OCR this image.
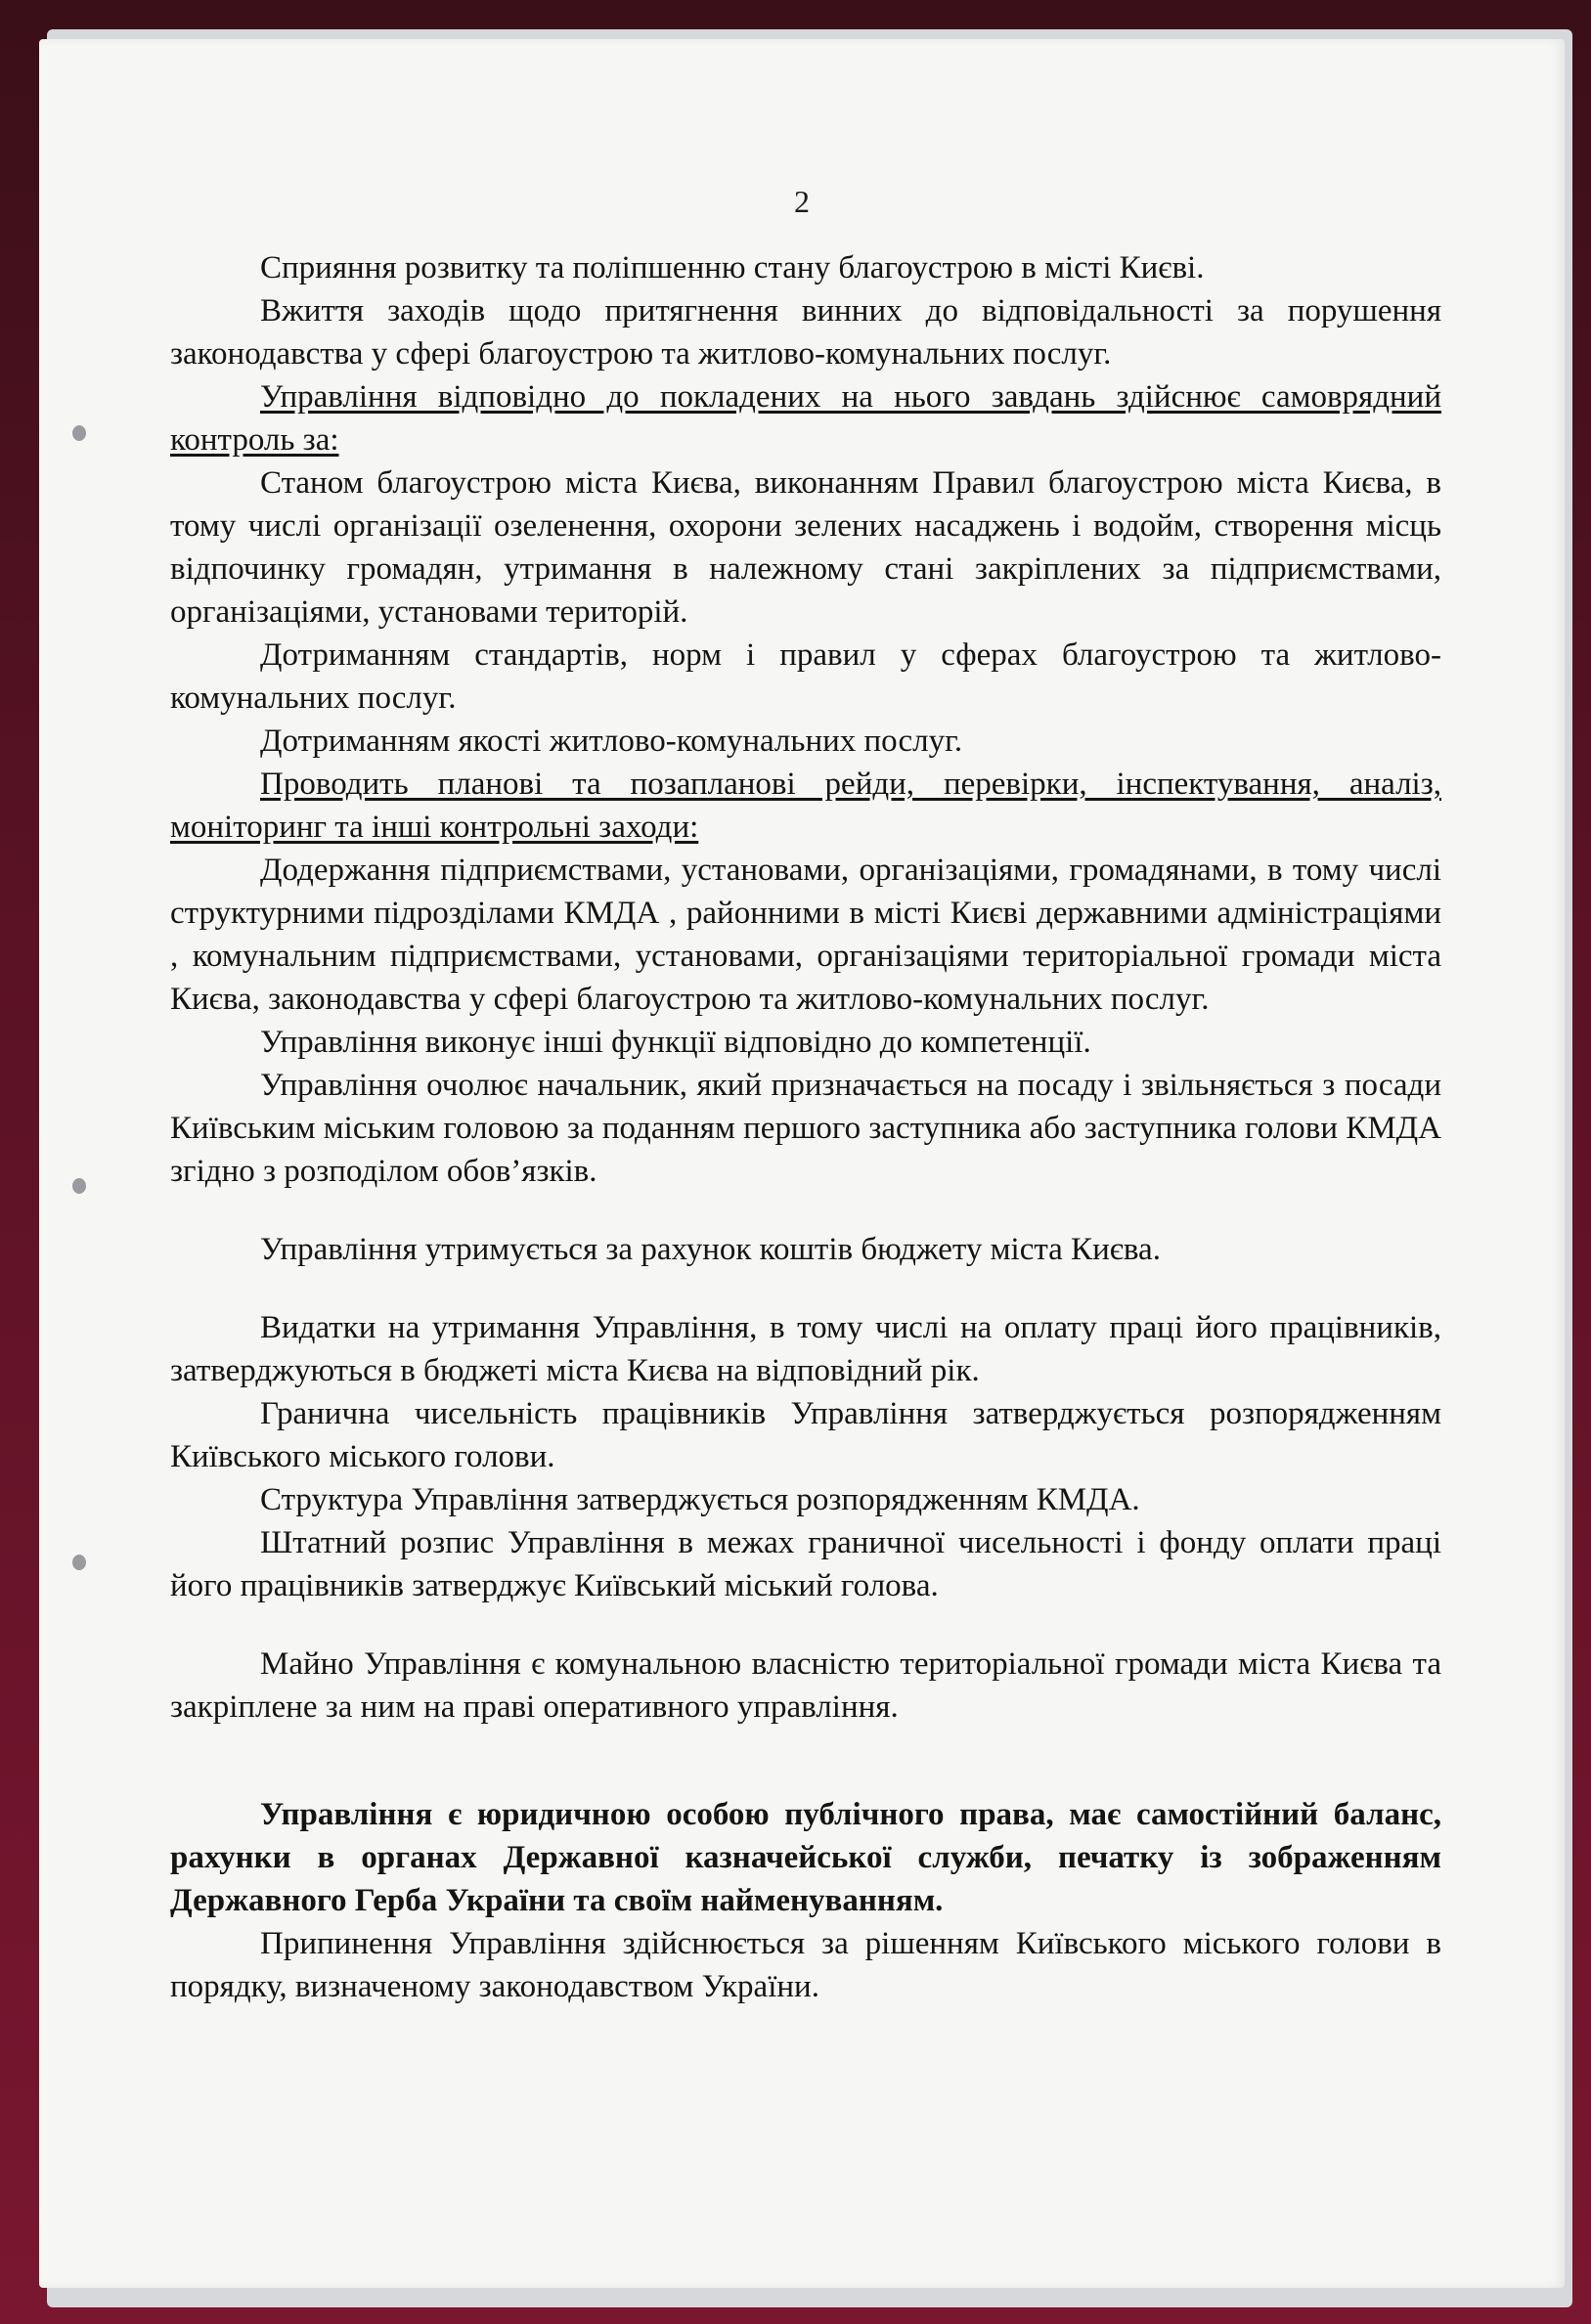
2

Сприяння розвитку та поліпшенню стану благоустрою в місті Києві.

Вжиття заходів щодо притягнення винних до відповідальності за порушення законодавства у сфері благоустрою та житлово-комунальних послуг.

Управління відповідно до покладених на нього завдань здійснює самоврядний контроль за:

Станом благоустрою міста Києва, виконанням Правил благоустрою міста Києва, в тому числі організації озеленення, охорони зелених насаджень і водойм, створення місць відпочинку громадян, утримання в належному стані закріплених за підприємствами, організаціями, установами територій.

Дотриманням стандартів, норм і правил у сферах благоустрою та житлово-комунальних послуг.

Дотриманням якості житлово-комунальних послуг.

Проводить планові та позапланові рейди, перевірки, інспектування, аналіз, моніторинг та інші контрольні заходи:

Додержання підприємствами, установами, організаціями, громадянами, в тому числі структурними підрозділами КМДА , районними в місті Києві державними адміністраціями , комунальним підприємствами, установами, організаціями територіальної громади міста Києва, законодавства у сфері благоустрою та житлово-комунальних послуг.

Управління виконує інші функції відповідно до компетенції.

Управління очолює начальник, який призначається на посаду і звільняється з посади Київським міським головою за поданням першого заступника або заступника голови КМДА згідно з розподілом обов’язків.

Управління утримується за рахунок коштів бюджету міста Києва.

Видатки на утримання Управління, в тому числі на оплату праці його працівників, затверджуються в бюджеті міста Києва на відповідний рік.

Гранична чисельність працівників Управління затверджується розпорядженням Київського міського голови.

Структура Управління затверджується розпорядженням КМДА.

Штатний розпис Управління в межах граничної чисельності і фонду оплати праці його працівників затверджує Київський міський голова.

Майно Управління є комунальною власністю територіальної громади міста Києва та закріплене за ним на праві оперативного управління.

Управління є юридичною особою публічного права, має самостійний баланс, рахунки в органах Державної казначейської служби, печатку із зображенням Державного Герба України та своїм найменуванням.

Припинення Управління здійснюється за рішенням Київського міського голови в порядку, визначеному законодавством України.
